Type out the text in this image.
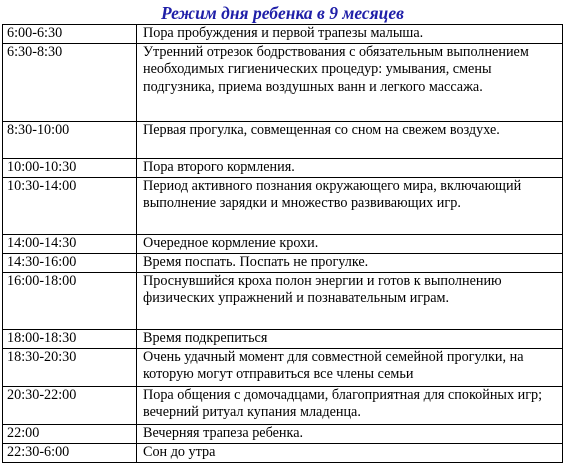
Режим дня ребенка в 9 месяцев
6:00-6:30	Пора пробуждения и первой трапезы малыша.
6:30-8:30	Утренний отрезок бодрствования с обязательным выполнением необходимых гигиенических процедур: умывания, смены подгузника, приема воздушных ванн и легкого массажа.
8:30-10:00	Первая прогулка, совмещенная со сном на свежем воздухе.
10:00-10:30	Пора второго кормления.
10:30-14:00	Период активного познания окружающего мира, включающий выполнение зарядки и множество развивающих игр.
14:00-14:30	Очередное кормление крохи.
14:30-16:00	Время поспать. Поспать не прогулке.
16:00-18:00	Проснувшийся кроха полон энергии и готов к выполнению физических упражнений и познавательным играм.
18:00-18:30	Время подкрепиться
18:30-20:30	Очень удачный момент для совместной семейной прогулки, на которую могут отправиться все члены семьи
20:30-22:00	Пора общения с домочадцами, благоприятная для спокойных игр; вечерний ритуал купания младенца.
22:00	Вечерняя трапеза ребенка.
22:30-6:00	Сон до утра
